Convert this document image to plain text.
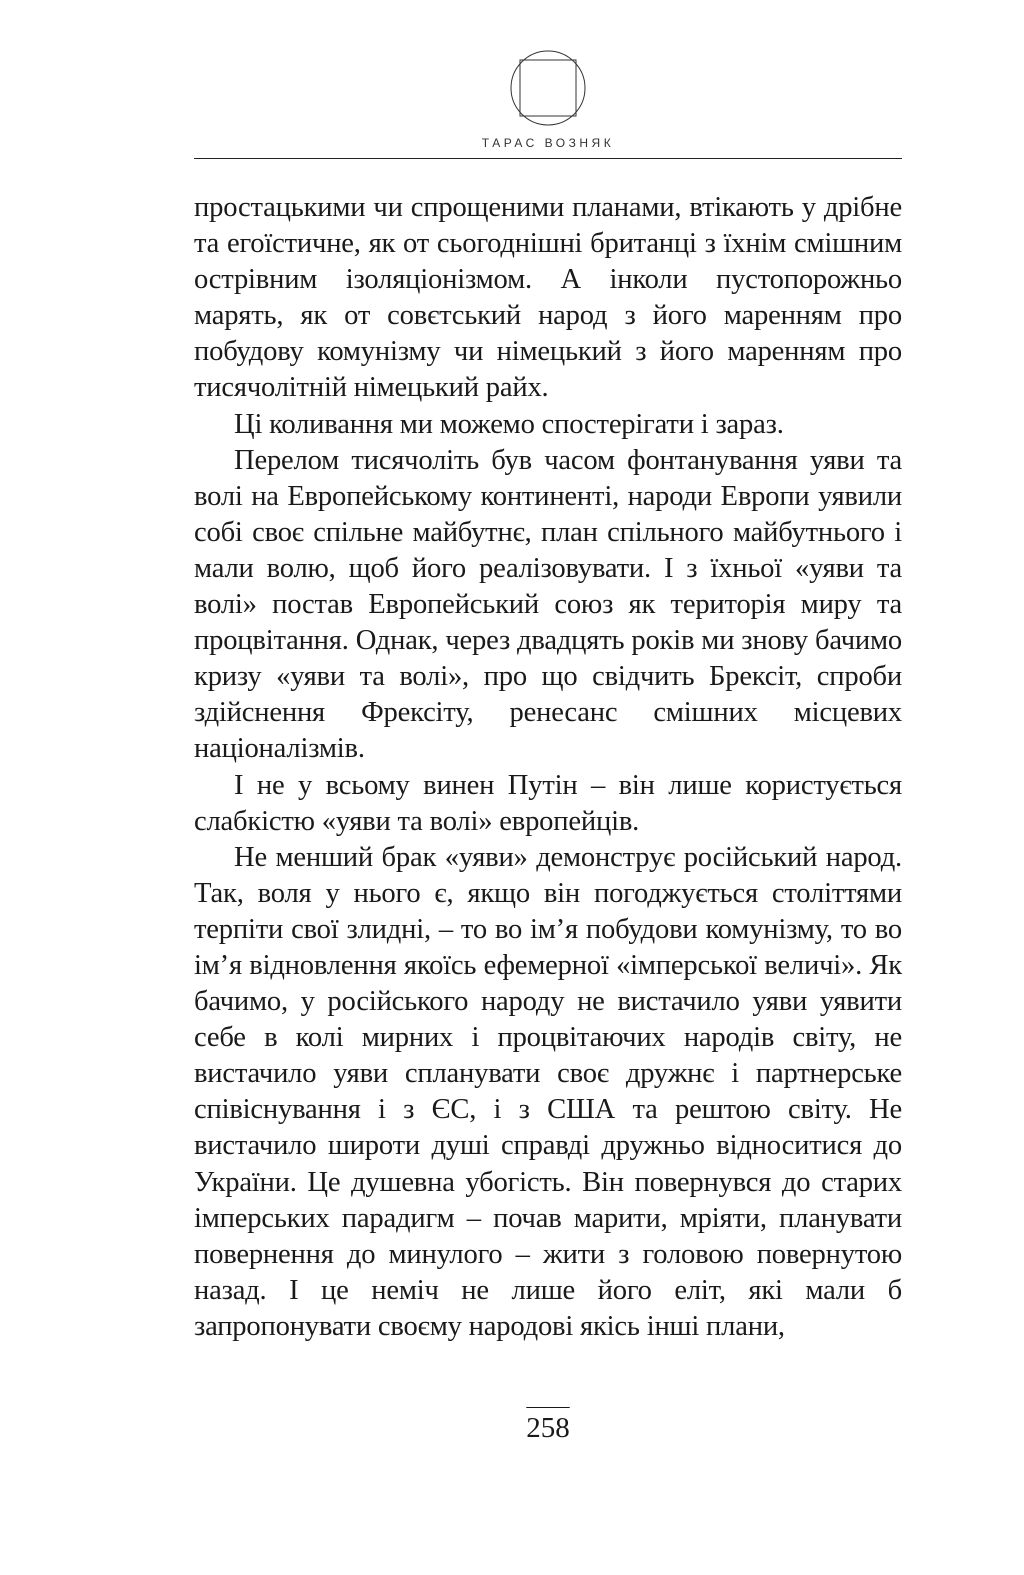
ТАРАС ВОЗНЯК

простацькими чи спрощеними планами, втікають у дрібне та егоїстичне, як от сьогоднішні британці з їхнім смішним острівним ізоляціонізмом. А інколи пустопорожньо марять, як от совєтський народ з його маренням про побудову комунізму чи німецький з його маренням про тисячолітній німецький райх.

Ці коливання ми можемо спостерігати і зараз.

Перелом тисячоліть був часом фонтанування уяви та волі на Европейському континенті, народи Европи уявили собі своє спільне майбутнє, план спільного майбутнього і мали волю, щоб його реалізовувати. І з їхньої «уяви та волі» постав Европейський союз як територія миру та процвітання. Однак, через двадцять років ми знову бачимо кризу «уяви та волі», про що свідчить Брексіт, спроби здійснення Фрексіту, ренесанс смішних місцевих націоналізмів.

І не у всьому винен Путін – він лише користується слабкістю «уяви та волі» европейців.

Не менший брак «уяви» демонструє російський народ. Так, воля у нього є, якщо він погоджується століттями терпіти свої злидні, – то во ім’я побудови комунізму, то во ім’я відновлення якоїсь ефемерної «імперської величі». Як бачимо, у російського народу не вистачило уяви уявити себе в колі мирних і процвітаючих народів світу, не вистачило уяви спланувати своє дружнє і партнерське співіснування і з ЄС, і з США та рештою світу. Не вистачило широти душі справді дружньо відноситися до України. Це душевна убогість. Він повернувся до старих імперських парадигм – почав марити, мріяти, планувати повернення до минулого – жити з головою повернутою назад. І це неміч не лише його еліт, які мали б запропонувати своєму народові якісь інші плани,

258
